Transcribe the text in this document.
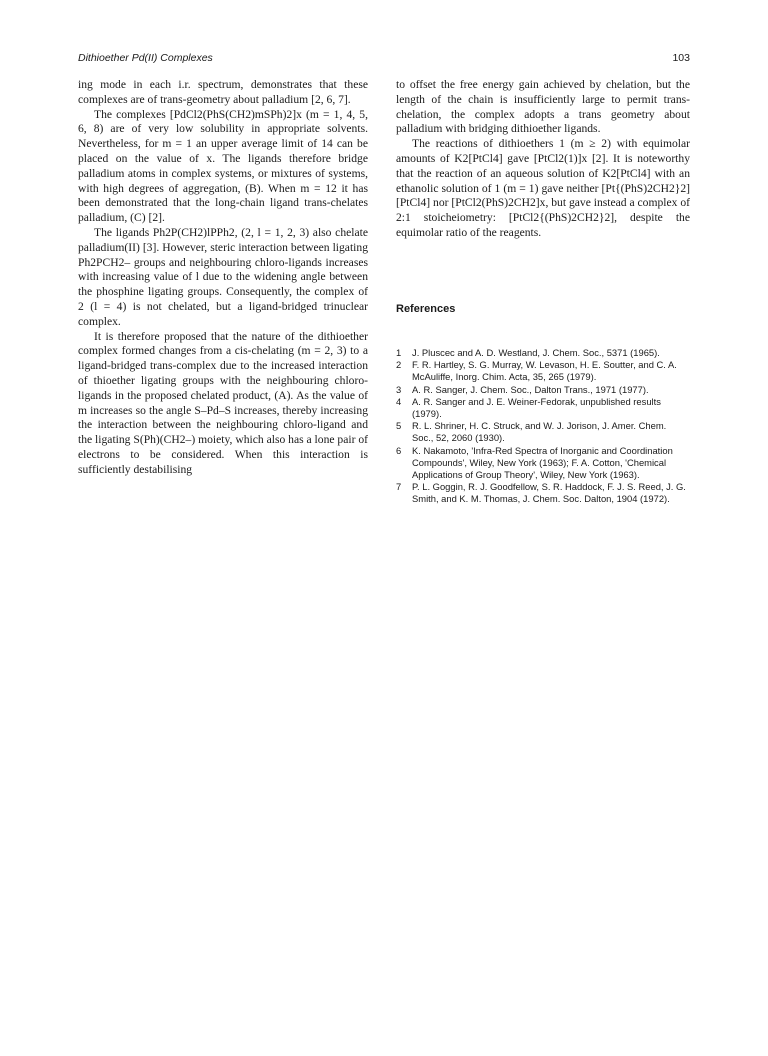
Dithioether Pd(II) Complexes	103

ing mode in each i.r. spectrum, demonstrates that these complexes are of trans-geometry about palladium [2, 6, 7].

The complexes [PdCl2(PhS(CH2)mSPh)2]x (m = 1, 4, 5, 6, 8) are of very low solubility in appropriate solvents. Nevertheless, for m = 1 an upper average limit of 14 can be placed on the value of x. The ligands therefore bridge palladium atoms in complex systems, or mixtures of systems, with high degrees of aggregation, (B). When m = 12 it has been demonstrated that the long-chain ligand trans-chelates palladium, (C) [2].

The ligands Ph2P(CH2)lPPh2, (2, l = 1, 2, 3) also chelate palladium(II) [3]. However, steric interaction between ligating Ph2PCH2– groups and neighbouring chloro-ligands increases with increasing value of l due to the widening angle between the phosphine ligating groups. Consequently, the complex of 2 (l = 4) is not chelated, but a ligand-bridged trinuclear complex.

It is therefore proposed that the nature of the dithioether complex formed changes from a cis-chelating (m = 2, 3) to a ligand-bridged trans-complex due to the increased interaction of thioether ligating groups with the neighbouring chloro-ligands in the proposed chelated product, (A). As the value of m increases so the angle S–Pd–S increases, thereby increasing the interaction between the neighbouring chloro-ligand and the ligating S(Ph)(CH2–) moiety, which also has a lone pair of electrons to be considered. When this interaction is sufficiently destabilising

to offset the free energy gain achieved by chelation, but the length of the chain is insufficiently large to permit trans-chelation, the complex adopts a trans geometry about palladium with bridging dithioether ligands.

The reactions of dithioethers 1 (m ≥ 2) with equimolar amounts of K2[PtCl4] gave [PtCl2(1)]x [2]. It is noteworthy that the reaction of an aqueous solution of K2[PtCl4] with an ethanolic solution of 1 (m = 1) gave neither [Pt{(PhS)2CH2}2][PtCl4] nor [PtCl2(PhS)2CH2]x, but gave instead a complex of 2:1 stoicheiometry: [PtCl2{(PhS)2CH2}2], despite the equimolar ratio of the reagents.

References

1 J. Pluscec and A. D. Westland, J. Chem. Soc., 5371 (1965).

2 F. R. Hartley, S. G. Murray, W. Levason, H. E. Soutter, and C. A. McAuliffe, Inorg. Chim. Acta, 35, 265 (1979).

3 A. R. Sanger, J. Chem. Soc., Dalton Trans., 1971 (1977).

4 A. R. Sanger and J. E. Weiner-Fedorak, unpublished results (1979).

5 R. L. Shriner, H. C. Struck, and W. J. Jorison, J. Amer. Chem. Soc., 52, 2060 (1930).

6 K. Nakamoto, 'Infra-Red Spectra of Inorganic and Coordination Compounds', Wiley, New York (1963); F. A. Cotton, 'Chemical Applications of Group Theory', Wiley, New York (1963).

7 P. L. Goggin, R. J. Goodfellow, S. R. Haddock, F. J. S. Reed, J. G. Smith, and K. M. Thomas, J. Chem. Soc. Dalton, 1904 (1972).
